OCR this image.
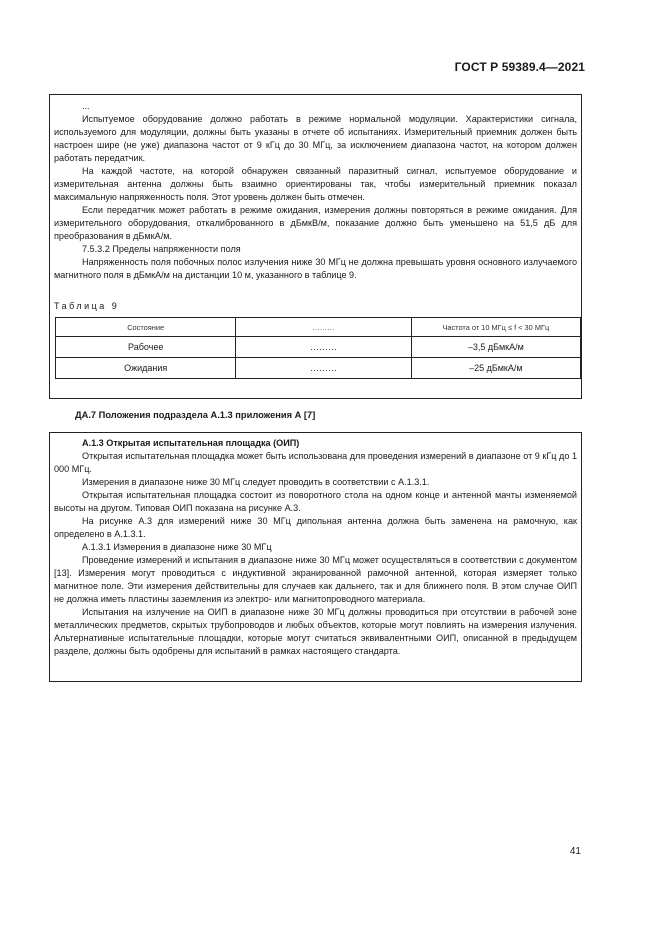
ГОСТ Р 59389.4—2021

...

Испытуемое оборудование должно работать в режиме нормальной модуляции. Характеристики сигнала, используемого для модуляции, должны быть указаны в отчете об испытаниях. Измерительный приемник должен быть настроен шире (не уже) диапазона частот от 9 кГц до 30 МГц, за исключением диапазона частот, на котором должен работать передатчик.

На каждой частоте, на которой обнаружен связанный паразитный сигнал, испытуемое оборудование и измерительная антенна должны быть взаимно ориентированы так, чтобы измерительный приемник показал максимальную напряженность поля. Этот уровень должен быть отмечен.

Если передатчик может работать в режиме ожидания, измерения должны повторяться в режиме ожидания. Для измерительного оборудования, откалиброванного в дБмкВ/м, показание должно быть уменьшено на 51,5 дБ для преобразования в дБмкА/м.

7.5.3.2 Пределы напряженности поля

Напряженность поля побочных полос излучения ниже 30 МГц не должна превышать уровня основного излучаемого магнитного поля в дБмкА/м на дистанции 10 м, указанного в таблице 9.

Таблица 9

Состояние	………	Частота от 10 МГц ≤ f < 30 МГц
Рабочее	………	–3,5 дБмкА/м
Ожидания	………	–25 дБмкА/м
ДА.7 Положения подраздела А.1.3 приложения А [7]

А.1.3 Открытая испытательная площадка (ОИП)

Открытая испытательная площадка может быть использована для проведения измерений в диапазоне от 9 кГц до 1 000 МГц.

Измерения в диапазоне ниже 30 МГц следует проводить в соответствии с А.1.3.1.

Открытая испытательная площадка состоит из поворотного стола на одном конце и антенной мачты изменяемой высоты на другом. Типовая ОИП показана на рисунке А.3.

На рисунке А.3 для измерений ниже 30 МГц дипольная антенна должна быть заменена на рамочную, как определено в А.1.3.1.

А.1.3.1 Измерения в диапазоне ниже 30 МГц

Проведение измерений и испытания в диапазоне ниже 30 МГц может осуществляться в соответствии с документом [13]. Измерения могут проводиться с индуктивной экранированной рамочной антенной, которая измеряет только магнитное поле. Эти измерения действительны для случаев как дальнего, так и для ближнего поля. В этом случае ОИП не должна иметь пластины заземления из электро- или магнитопроводного материала.

Испытания на излучение на ОИП в диапазоне ниже 30 МГц должны проводиться при отсутствии в рабочей зоне металлических предметов, скрытых трубопроводов и любых объектов, которые могут повлиять на измерения излучения. Альтернативные испытательные площадки, которые могут считаться эквивалентными ОИП, описанной в предыдущем разделе, должны быть одобрены для испытаний в рамках настоящего стандарта.

41
